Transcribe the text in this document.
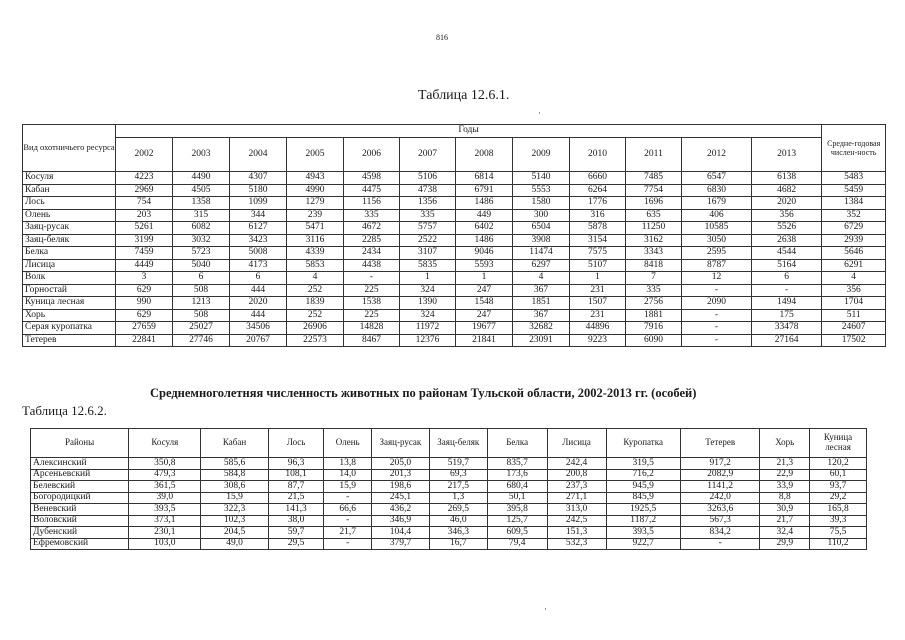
816
Таблица 12.6.1.
·
Вид охотничьего ресурса	Годы												Средне-годовая числен-ность
	2002	2003	2004	2005	2006	2007	2008	2009	2010	2011	2012	2013	
Косуля	4223	4490	4307	4943	4598	5106	6814	5140	6660	7485	6547	6138	5483
Кабан	2969	4505	5180	4990	4475	4738	6791	5553	6264	7754	6830	4682	5459
Лось	754	1358	1099	1279	1156	1356	1486	1580	1776	1696	1679	2020	1384
Олень	203	315	344	239	335	335	449	300	316	635	406	356	352
Заяц-русак	5261	6082	6127	5471	4672	5757	6402	6504	5878	11250	10585	5526	6729
Заяц-беляк	3199	3032	3423	3116	2285	2522	1486	3908	3154	3162	3050	2638	2939
Белка	7459	5723	5008	4339	2434	3107	9046	11474	7575	3343	2595	4544	5646
Лисица	4449	5040	4173	5853	4438	5835	5593	6297	5107	8418	8787	5164	6291
Волк	3	6	6	4	-	1	1	4	1	7	12	6	4
Горностай	629	508	444	252	225	324	247	367	231	335	-	-	356
Куница лесная	990	1213	2020	1839	1538	1390	1548	1851	1507	2756	2090	1494	1704
Хорь	629	508	444	252	225	324	247	367	231	1881	-	175	511
Серая куропатка	27659	25027	34506	26906	14828	11972	19677	32682	44896	7916	-	33478	24607
Тетерев	22841	27746	20767	22573	8467	12376	21841	23091	9223	6090	-	27164	17502
Среднемноголетняя численность животных по районам Тульской области, 2002-2013 гг. (особей)
Таблица 12.6.2.
Районы	Косуля	Кабан	Лось	Олень	Заяц-русак	Заяц-беляк	Белка	Лисица	Куропатка	Тетерев	Хорь	Куница лесная
Алексинский	350,8	585,6	96,3	13,8	205,0	519,7	835,7	242,4	319,5	917,2	21,3	120,2
Арсеньевский	479,3	584,8	108,1	14,0	201,3	69,3	173,6	200,8	716,2	2082,9	22,9	60,1
Белевский	361,5	308,6	87,7	15,9	198,6	217,5	680,4	237,3	945,9	1141,2	33,9	93,7
Богородицкий	39,0	15,9	21,5	-	245,1	1,3	50,1	271,1	845,9	242,0	8,8	29,2
Веневский	393,5	322,3	141,3	66,6	436,2	269,5	395,8	313,0	1925,5	3263,6	30,9	165,8
Воловский	373,1	102,3	38,0	-	346,9	46,0	125,7	242,5	1187,2	567,3	21,7	39,3
Дубенский	230,1	204,5	59,7	21,7	104,4	346,3	609,5	151,3	393,5	834,2	32,4	75,5
Ефремовский	103,0	49,0	29,5	-	379,7	16,7	79,4	532,3	922,7	-	29,9	110,2
·
